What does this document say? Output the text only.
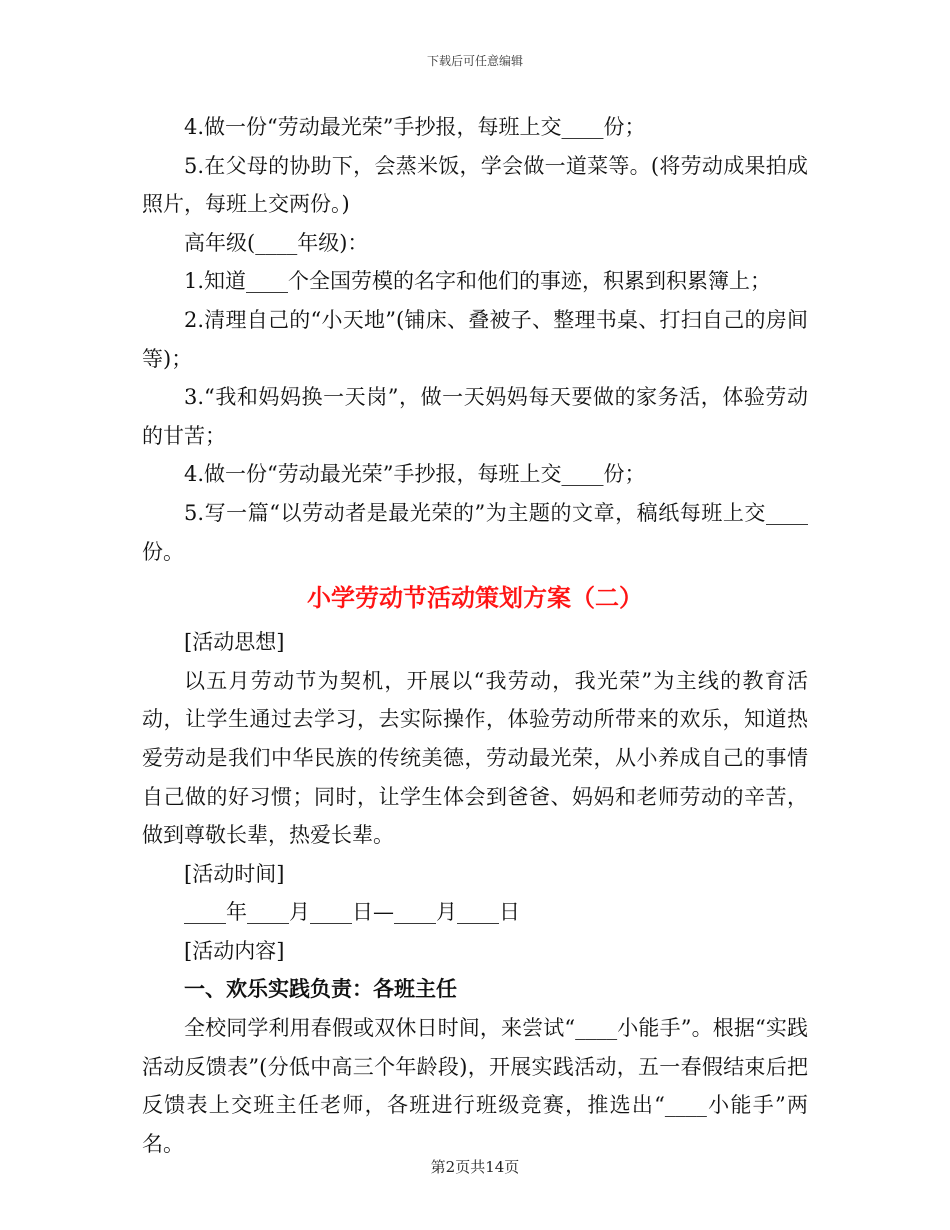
下载后可任意编辑

4.做一份“劳动最光荣”手抄报，每班上交____份；

5.在父母的协助下，会蒸米饭，学会做一道菜等。(将劳动成果拍成照片，每班上交两份。)

高年级(____年级)：

1.知道____个全国劳模的名字和他们的事迹，积累到积累簿上；

2.清理自己的“小天地”(铺床、叠被子、整理书桌、打扫自己的房间等)；

3.“我和妈妈换一天岗”，做一天妈妈每天要做的家务活，体验劳动的甘苦；

4.做一份“劳动最光荣”手抄报，每班上交____份；

5.写一篇“以劳动者是最光荣的”为主题的文章，稿纸每班上交____份。

小学劳动节活动策划方案（二）

[活动思想]

以五月劳动节为契机，开展以“我劳动，我光荣”为主线的教育活动，让学生通过去学习，去实际操作，体验劳动所带来的欢乐，知道热爱劳动是我们中华民族的传统美德，劳动最光荣，从小养成自己的事情自己做的好习惯；同时，让学生体会到爸爸、妈妈和老师劳动的辛苦，做到尊敬长辈，热爱长辈。

[活动时间]

____年____月____日—____月____日

[活动内容]

一、欢乐实践负责：各班主任

全校同学利用春假或双休日时间，来尝试“____小能手”。根据“实践活动反馈表”(分低中高三个年龄段)，开展实践活动，五一春假结束后把反馈表上交班主任老师，各班进行班级竞赛，推选出“____小能手”两名。

第2页共14页
